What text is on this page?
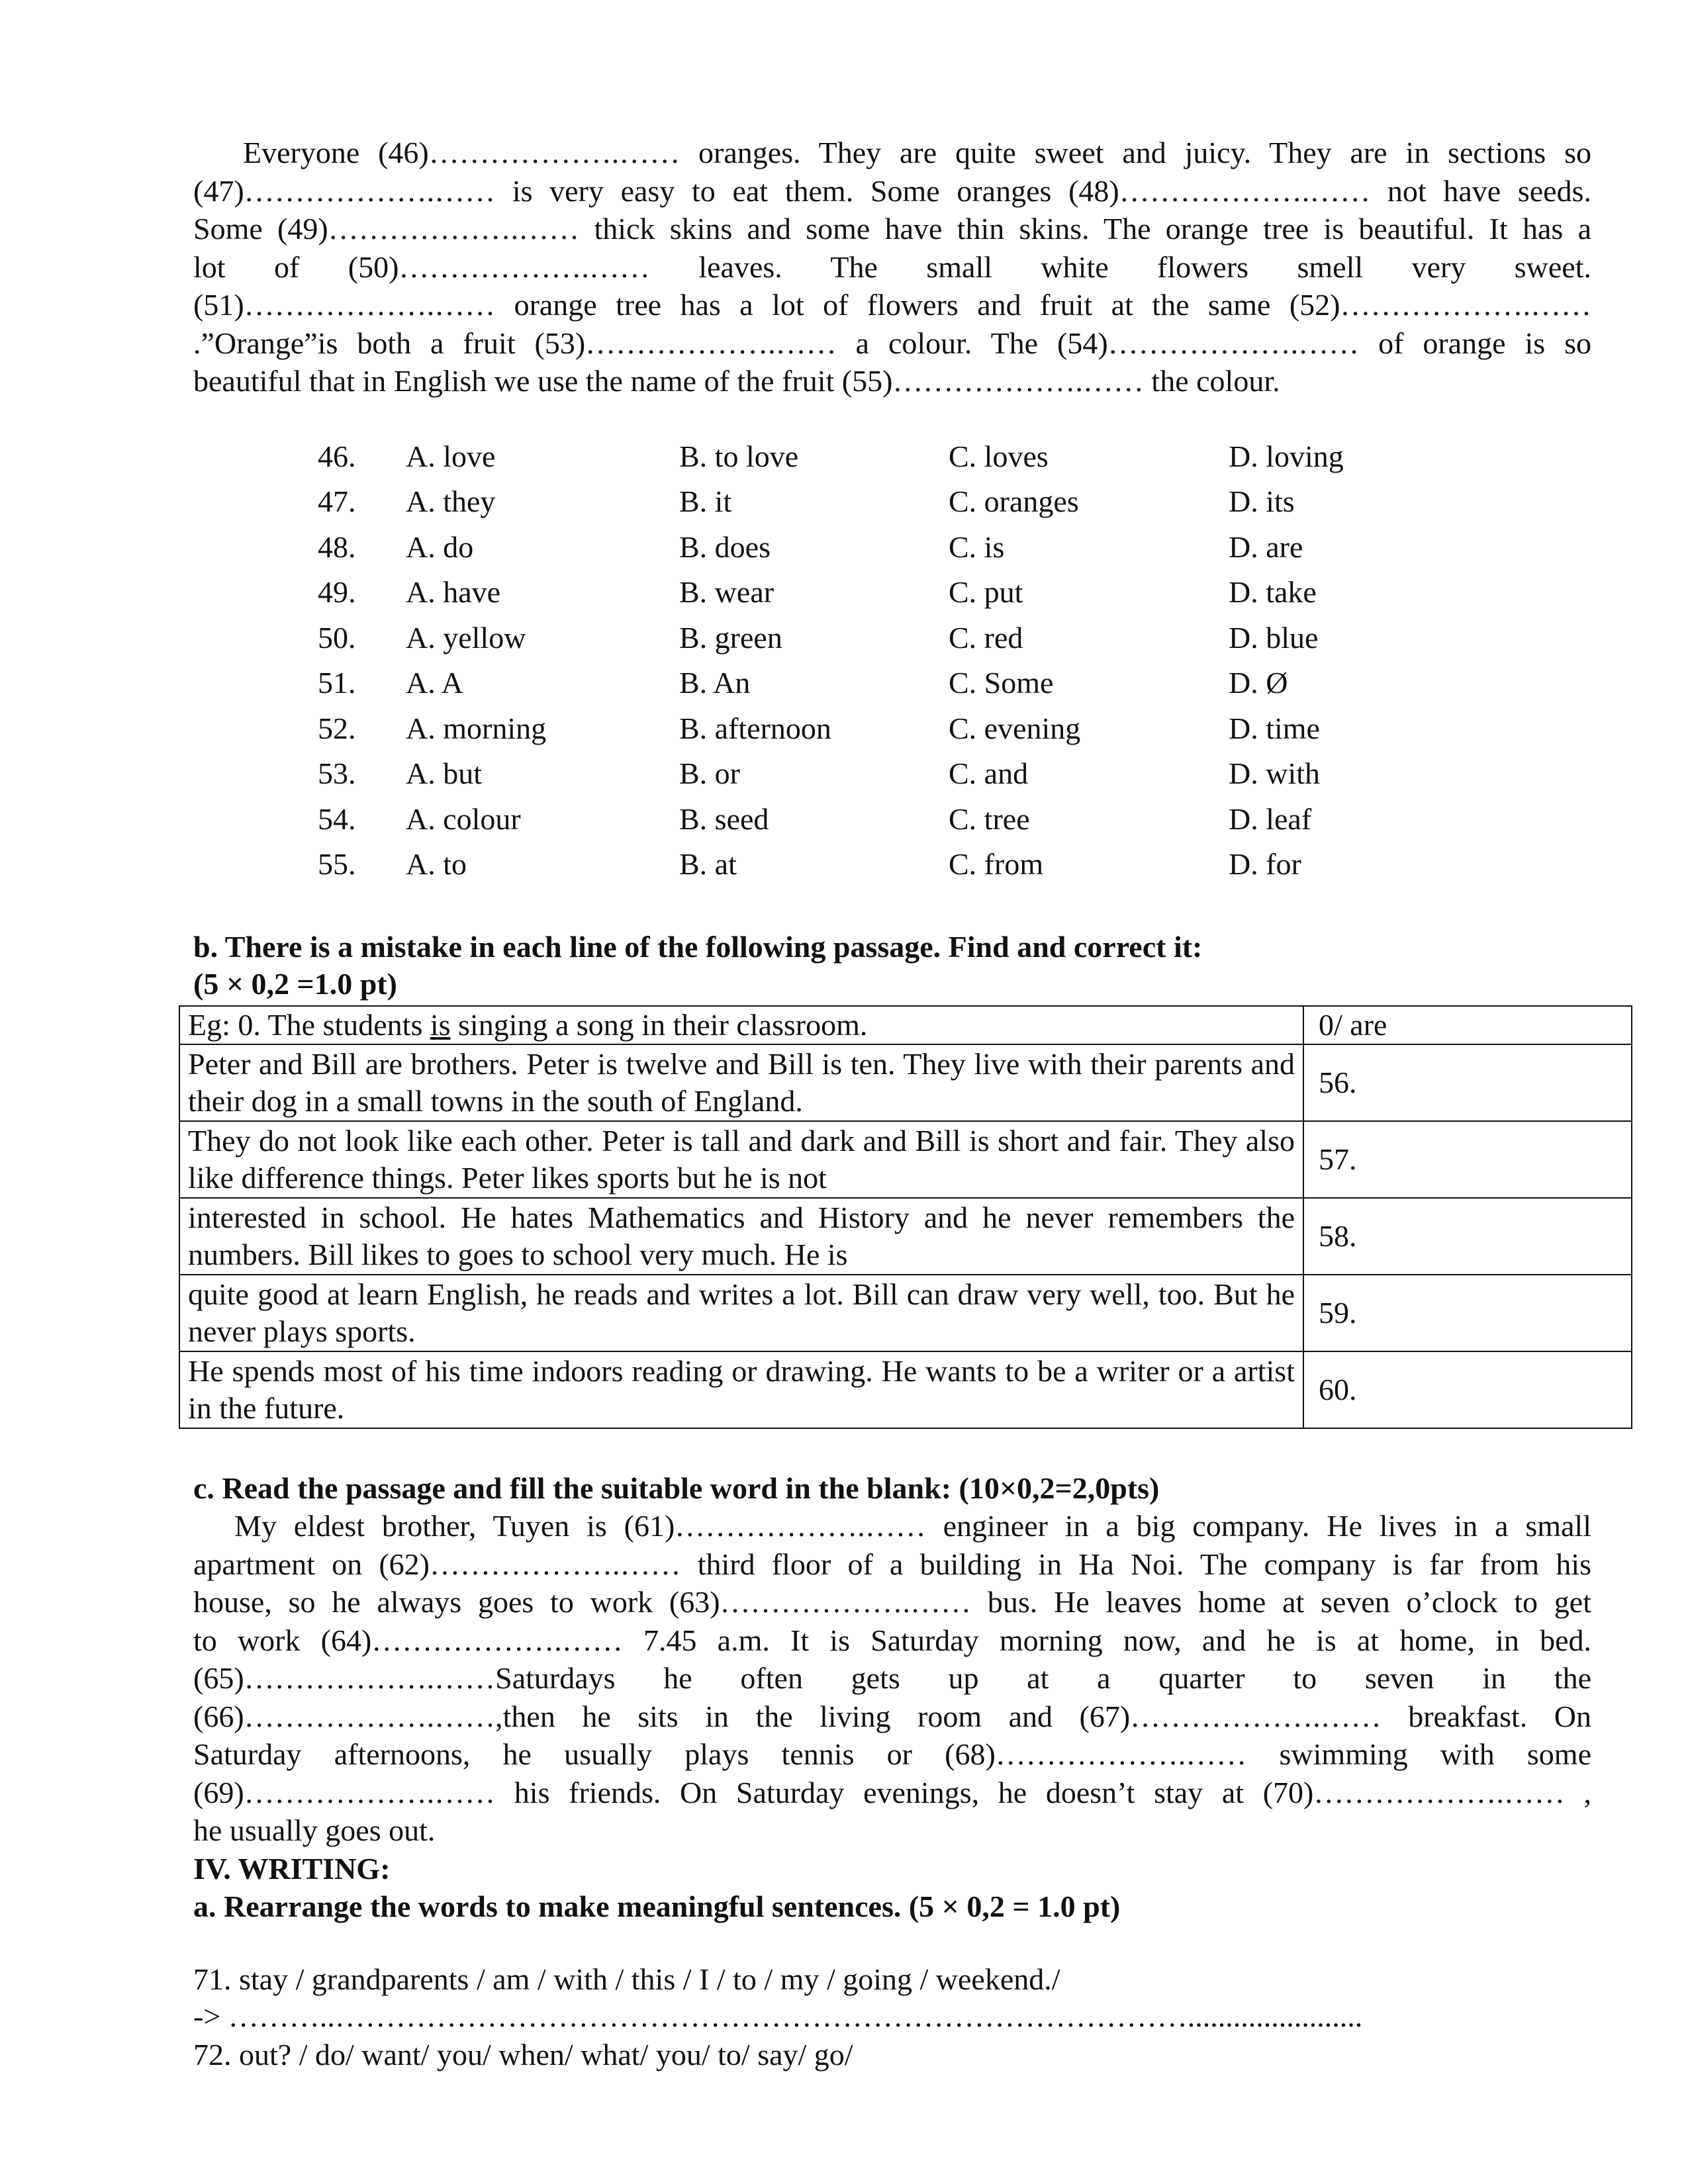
Everyone (46)……………….…… oranges. They are quite sweet and juicy. They are in sections so
(47)……………….…… is very easy to eat them. Some oranges (48)……………….…… not have seeds.
Some (49)……………….…… thick skins and some have thin skins. The orange tree is beautiful. It has a
lot of (50)……………….…… leaves. The small white flowers smell very sweet.
(51)……………….…… orange tree has a lot of flowers and fruit at the same (52)……………….……
.”Orange”is both a fruit (53)……………….…… a colour. The (54)……………….…… of orange is so
beautiful that in English we use the name of the fruit (55)……………….…… the colour.
46.	A. love	B. to love	C. loves	D. loving
47.	A. they	B. it	C. oranges	D. its
48.	A. do	B. does	C. is	D. are
49.	A. have	B. wear	C. put	D. take
50.	A. yellow	B. green	C. red	D. blue
51.	A. A	B. An	C. Some	D. Ø
52.	A. morning	B. afternoon	C. evening	D. time
53.	A. but	B. or	C. and	D. with
54.	A. colour	B. seed	C. tree	D. leaf
55.	A. to	B. at	C. from	D. for
b. There is a mistake in each line of the following passage. Find and correct it:
(5 × 0,2 =1.0 pt)
Eg: 0. The students is singing a song in their classroom.	0/ are
Peter and Bill are brothers. Peter is twelve and Bill is ten. They live with their parents and their dog in a small towns in the south of England.	56.
They do not look like each other. Peter is tall and dark and Bill is short and fair. They also like difference things. Peter likes sports but he is not	57.
interested in school. He hates Mathematics and History and he never remembers the numbers. Bill likes to goes to school very much. He is	58.
quite good at learn English, he reads and writes a lot. Bill can draw very well, too. But he never plays sports.	59.
He spends most of his time indoors reading or drawing. He wants to be a writer or a artist in the future.	60.
c. Read the passage and fill the suitable word in the blank: (10×0,2=2,0pts)
My eldest brother, Tuyen is (61)……………….…… engineer in a big company. He lives in a small
apartment on (62)……………….…… third floor of a building in Ha Noi. The company is far from his
house, so he always goes to work (63)……………….…… bus. He leaves home at seven o’clock to get
to work (64)……………….…… 7.45 a.m. It is Saturday morning now, and he is at home, in bed.
(65)……………….……Saturdays he often gets up at a quarter to seven in the
(66)……………….……,then he sits in the living room and (67)……………….…… breakfast. On
Saturday afternoons, he usually plays tennis or (68)……………….…… swimming with some
(69)……………….…… his friends. On Saturday evenings, he doesn’t stay at (70)……………….…… ,
he usually goes out.
IV. WRITING:
a. Rearrange the words to make meaningful sentences. (5 × 0,2 = 1.0 pt)
71. stay / grandparents / am / with / this / I / to / my / going / weekend./
-> ………..………………………………………………………………………….......................
72. out? / do/ want/ you/ when/ what/ you/ to/ say/ go/
